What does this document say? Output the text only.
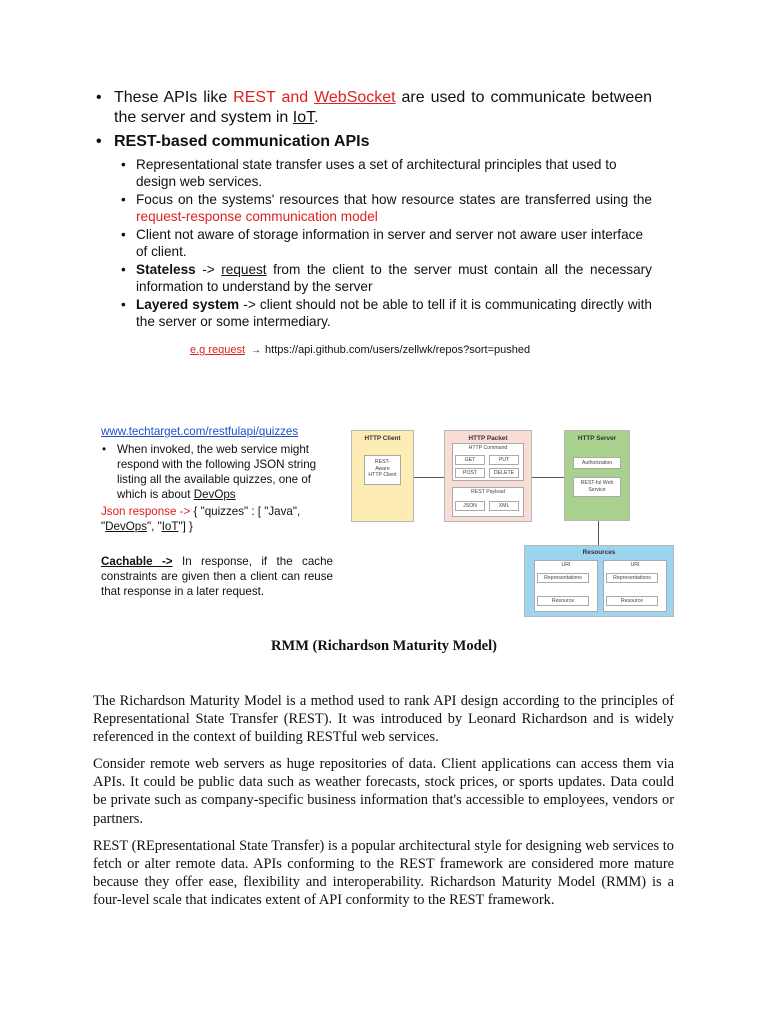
• These APIs like REST and WebSocket are used to communicate between the server and system in IoT.
• REST-based communication APIs
• Representational state transfer uses a set of architectural principles that used to design web services.
• Focus on the systems' resources that how resource states are transferred using the request-response communication model
• Client not aware of storage information in server and server not aware user interface of client.
• Stateless -> request from the client to the server must contain all the necessary information to understand by the server
• Layered system -> client should not be able to tell if it is communicating directly with the server or some intermediary.
e.g request → https://api.github.com/users/zellwk/repos?sort=pushed
www.techtarget.com/restfulapi/quizzes
• When invoked, the web service might respond with the following JSON string listing all the available quizzes, one of which is about DevOps
Json response -> { "quizzes" : [ "Java", "DevOps", "IoT"] }
Cachable -> In response, if the cache constraints are given then a client can reuse that response in a later request.
HTTP Client
REST-
Aware
HTTP Client
HTTP Packet
HTTP Command
GET	PUT
POST	DELETE
REST Payload
JSON	XML
HTTP Server
Authorization
REST-ful Web
Service
Resources
URI
Representations
Resource
URI
Representations
Resource
RMM (Richardson Maturity Model)

The Richardson Maturity Model is a method used to rank API design according to the principles of Representational State Transfer (REST). It was introduced by Leonard Richardson and is widely referenced in the context of building RESTful web services.

Consider remote web servers as huge repositories of data. Client applications can access them via APIs. It could be public data such as weather forecasts, stock prices, or sports updates. Data could be private such as company-specific business information that's accessible to employees, vendors or partners.

REST (REpresentational State Transfer) is a popular architectural style for designing web services to fetch or alter remote data. APIs conforming to the REST framework are considered more mature because they offer ease, flexibility and interoperability. Richardson Maturity Model (RMM) is a four-level scale that indicates extent of API conformity to the REST framework.
